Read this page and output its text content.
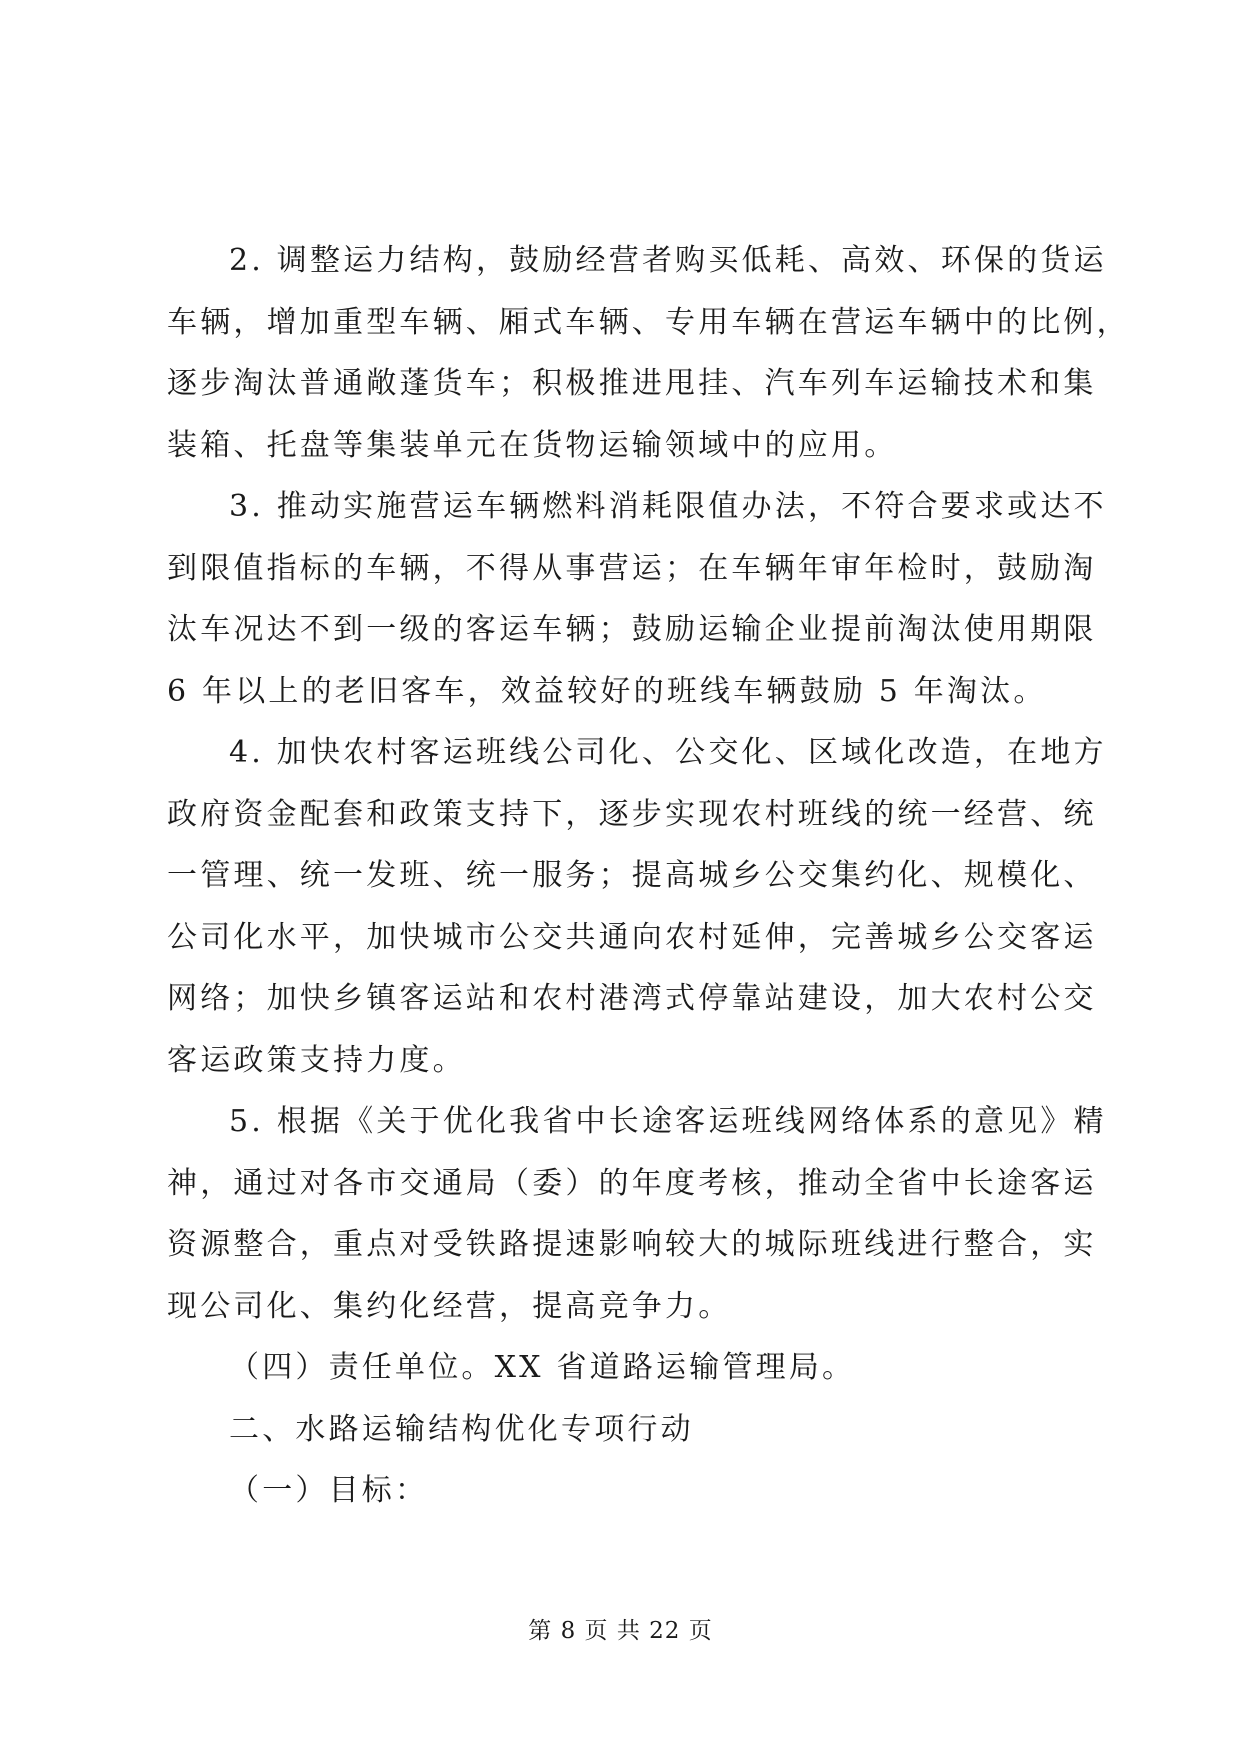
2. 调整运力结构，鼓励经营者购买低耗、高效、环保的货运
车辆，增加重型车辆、厢式车辆、专用车辆在营运车辆中的比例，
逐步淘汰普通敞蓬货车；积极推进甩挂、汽车列车运输技术和集
装箱、托盘等集装单元在货物运输领域中的应用。
3. 推动实施营运车辆燃料消耗限值办法，不符合要求或达不
到限值指标的车辆，不得从事营运；在车辆年审年检时，鼓励淘
汰车况达不到一级的客运车辆；鼓励运输企业提前淘汰使用期限
6 年以上的老旧客车，效益较好的班线车辆鼓励 5 年淘汰。
4. 加快农村客运班线公司化、公交化、区域化改造，在地方
政府资金配套和政策支持下，逐步实现农村班线的统一经营、统
一管理、统一发班、统一服务；提高城乡公交集约化、规模化、
公司化水平，加快城市公交共通向农村延伸，完善城乡公交客运
网络；加快乡镇客运站和农村港湾式停靠站建设，加大农村公交
客运政策支持力度。
5. 根据《关于优化我省中长途客运班线网络体系的意见》精
神，通过对各市交通局（委）的年度考核，推动全省中长途客运
资源整合，重点对受铁路提速影响较大的城际班线进行整合，实
现公司化、集约化经营，提高竞争力。
（四）责任单位。XX 省道路运输管理局。
二、水路运输结构优化专项行动
（一）目标：
第 8 页 共 22 页
